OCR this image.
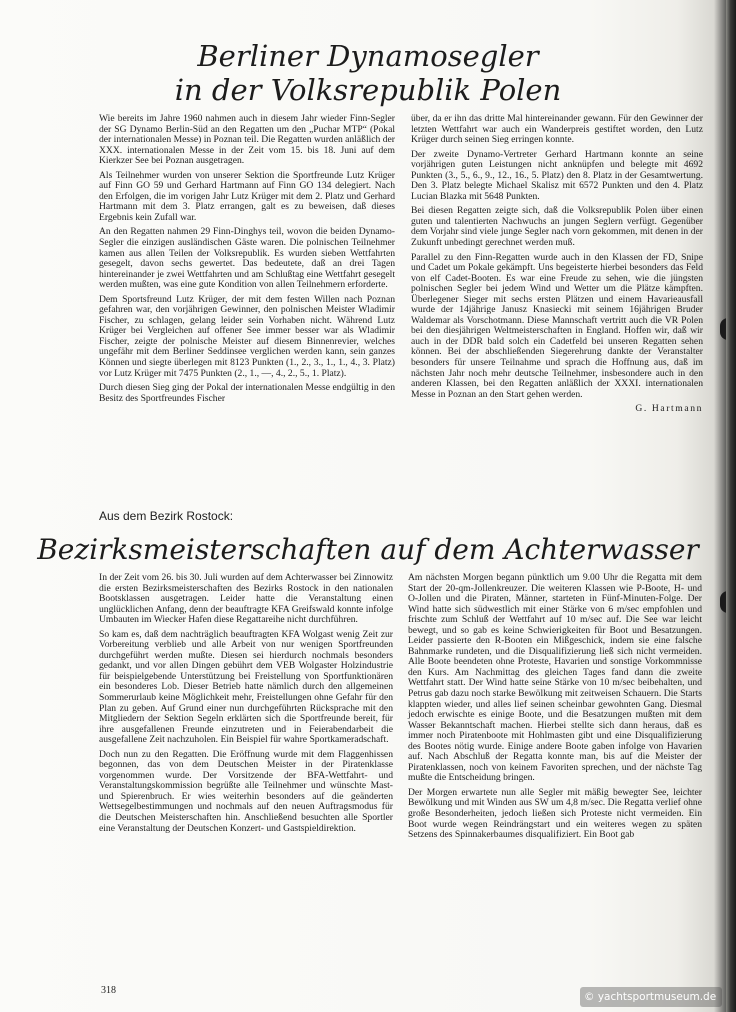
Berliner Dynamosegler
in der Volksrepublik Polen

Wie bereits im Jahre 1960 nahmen auch in diesem Jahr wieder Finn-Segler der SG Dynamo Berlin-Süd an den Regatten um den „Puchar MTP“ (Pokal der internationalen Messe) in Poznan teil. Die Regatten wurden anläßlich der XXX. internationalen Messe in der Zeit vom 15. bis 18. Juni auf dem Kierkzer See bei Poznan ausgetragen.

Als Teilnehmer wurden von unserer Sektion die Sportfreunde Lutz Krüger auf Finn GO 59 und Gerhard Hartmann auf Finn GO 134 delegiert. Nach den Erfolgen, die im vorigen Jahr Lutz Krüger mit dem 2. Platz und Gerhard Hartmann mit dem 3. Platz errangen, galt es zu beweisen, daß dieses Ergebnis kein Zufall war.

An den Regatten nahmen 29 Finn-Dinghys teil, wovon die beiden Dynamo-Segler die einzigen ausländischen Gäste waren. Die polnischen Teilnehmer kamen aus allen Teilen der Volksrepublik. Es wurden sieben Wettfahrten gesegelt, davon sechs gewertet. Das bedeutete, daß an drei Tagen hintereinander je zwei Wettfahrten und am Schlußtag eine Wettfahrt gesegelt werden mußten, was eine gute Kondition von allen Teilnehmern erforderte.

Dem Sportsfreund Lutz Krüger, der mit dem festen Willen nach Poznan gefahren war, den vorjährigen Gewinner, den polnischen Meister Wladimir Fischer, zu schlagen, gelang leider sein Vorhaben nicht. Während Lutz Krüger bei Vergleichen auf offener See immer besser war als Wladimir Fischer, zeigte der polnische Meister auf diesem Binnenrevier, welches ungefähr mit dem Berliner Seddinsee verglichen werden kann, sein ganzes Können und siegte überlegen mit 8123 Punkten (1., 2., 3., 1., 1., 4., 3. Platz) vor Lutz Krüger mit 7475 Punkten (2., 1., —, 4., 2., 5., 1. Platz).

Durch diesen Sieg ging der Pokal der internationalen Messe endgültig in den Besitz des Sportfreundes Fischer

über, da er ihn das dritte Mal hintereinander gewann. Für den Gewinner der letzten Wettfahrt war auch ein Wanderpreis gestiftet worden, den Lutz Krüger durch seinen Sieg erringen konnte.

Der zweite Dynamo-Vertreter Gerhard Hartmann konnte an seine vorjährigen guten Leistungen nicht anknüpfen und belegte mit 4692 Punkten (3., 5., 6., 9., 12., 16., 5. Platz) den 8. Platz in der Gesamtwertung. Den 3. Platz belegte Michael Skalisz mit 6572 Punkten und den 4. Platz Lucian Blazka mit 5648 Punkten.

Bei diesen Regatten zeigte sich, daß die Volksrepublik Polen über einen guten und talentierten Nachwuchs an jungen Seglern verfügt. Gegenüber dem Vorjahr sind viele junge Segler nach vorn gekommen, mit denen in der Zukunft unbedingt gerechnet werden muß.

Parallel zu den Finn-Regatten wurde auch in den Klassen der FD, Snipe und Cadet um Pokale gekämpft. Uns begeisterte hierbei besonders das Feld von elf Cadet-Booten. Es war eine Freude zu sehen, wie die jüngsten polnischen Segler bei jedem Wind und Wetter um die Plätze kämpften. Überlegener Sieger mit sechs ersten Plätzen und einem Havarieausfall wurde der 14jährige Janusz Knasiecki mit seinem 16jährigen Bruder Waldemar als Vorschotmann. Diese Mannschaft vertritt auch die VR Polen bei den diesjährigen Weltmeisterschaften in England. Hoffen wir, daß wir auch in der DDR bald solch ein Cadetfeld bei unseren Regatten sehen können. Bei der abschließenden Siegerehrung dankte der Veranstalter besonders für unsere Teilnahme und sprach die Hoffnung aus, daß im nächsten Jahr noch mehr deutsche Teilnehmer, insbesondere auch in den anderen Klassen, bei den Regatten anläßlich der XXXI. internationalen Messe in Poznan an den Start gehen werden.

G. Hartmann

Aus dem Bezirk Rostock:
Bezirksmeisterschaften auf dem Achterwasser

In der Zeit vom 26. bis 30. Juli wurden auf dem Achterwasser bei Zinnowitz die ersten Bezirksmeisterschaften des Bezirks Rostock in den nationalen Bootsklassen ausgetragen. Leider hatte die Veranstaltung einen unglücklichen Anfang, denn der beauftragte KFA Greifswald konnte infolge Umbauten im Wiecker Hafen diese Regattareihe nicht durchführen.

So kam es, daß dem nachträglich beauftragten KFA Wolgast wenig Zeit zur Vorbereitung verblieb und alle Arbeit von nur wenigen Sportfreunden durchgeführt werden mußte. Diesen sei hierdurch nochmals besonders gedankt, und vor allen Dingen gebührt dem VEB Wolgaster Holzindustrie für beispielgebende Unterstützung bei Freistellung von Sportfunktionären ein besonderes Lob. Dieser Betrieb hatte nämlich durch den allgemeinen Sommerurlaub keine Möglichkeit mehr, Freistellungen ohne Gefahr für den Plan zu geben. Auf Grund einer nun durchgeführten Rücksprache mit den Mitgliedern der Sektion Segeln erklärten sich die Sportfreunde bereit, für ihre ausgefallenen Freunde einzutreten und in Feierabendarbeit die ausgefallene Zeit nachzuholen. Ein Beispiel für wahre Sportkameradschaft.

Doch nun zu den Regatten. Die Eröffnung wurde mit dem Flaggenhissen begonnen, das von dem Deutschen Meister in der Piratenklasse vorgenommen wurde. Der Vorsitzende der BFA-Wettfahrt- und Veranstaltungskommission begrüßte alle Teilnehmer und wünschte Mast- und Spierenbruch. Er wies weiterhin besonders auf die geänderten Wettsegelbestimmungen und nochmals auf den neuen Auftragsmodus für die Deutschen Meisterschaften hin. Anschließend besuchten alle Sportler eine Veranstaltung der Deutschen Konzert- und Gastspieldirektion.

Am nächsten Morgen begann pünktlich um 9.00 Uhr die Regatta mit dem Start der 20-qm-Jollenkreuzer. Die weiteren Klassen wie P-Boote, H- und O-Jollen und die Piraten, Männer, starteten in Fünf-Minuten-Folge. Der Wind hatte sich südwestlich mit einer Stärke von 6 m/sec empfohlen und frischte zum Schluß der Wettfahrt auf 10 m/sec auf. Die See war leicht bewegt, und so gab es keine Schwierigkeiten für Boot und Besatzungen. Leider passierte den R-Booten ein Mißgeschick, indem sie eine falsche Bahnmarke rundeten, und die Disqualifizierung ließ sich nicht vermeiden. Alle Boote beendeten ohne Proteste, Havarien und sonstige Vorkommnisse den Kurs. Am Nachmittag des gleichen Tages fand dann die zweite Wettfahrt statt. Der Wind hatte seine Stärke von 10 m/sec beibehalten, und Petrus gab dazu noch starke Bewölkung mit zeitweisen Schauern. Die Starts klappten wieder, und alles lief seinen scheinbar gewohnten Gang. Diesmal jedoch erwischte es einige Boote, und die Besatzungen mußten mit dem Wasser Bekanntschaft machen. Hierbei stellte sich dann heraus, daß es immer noch Piratenboote mit Hohlmasten gibt und eine Disqualifizierung des Bootes nötig wurde. Einige andere Boote gaben infolge von Havarien auf. Nach Abschluß der Regatta konnte man, bis auf die Meister der Piratenklassen, noch von keinem Favoriten sprechen, und der nächste Tag mußte die Entscheidung bringen.

Der Morgen erwartete nun alle Segler mit mäßig bewegter See, leichter Bewölkung und mit Winden aus SW um 4,8 m/sec. Die Regatta verlief ohne große Besonderheiten, jedoch ließen sich Proteste nicht vermeiden. Ein Boot wurde wegen Reindrängstart und ein weiteres wegen zu späten Setzens des Spinnakerbaumes disqualifiziert. Ein Boot gab

318
© yachtsportmuseum.de
